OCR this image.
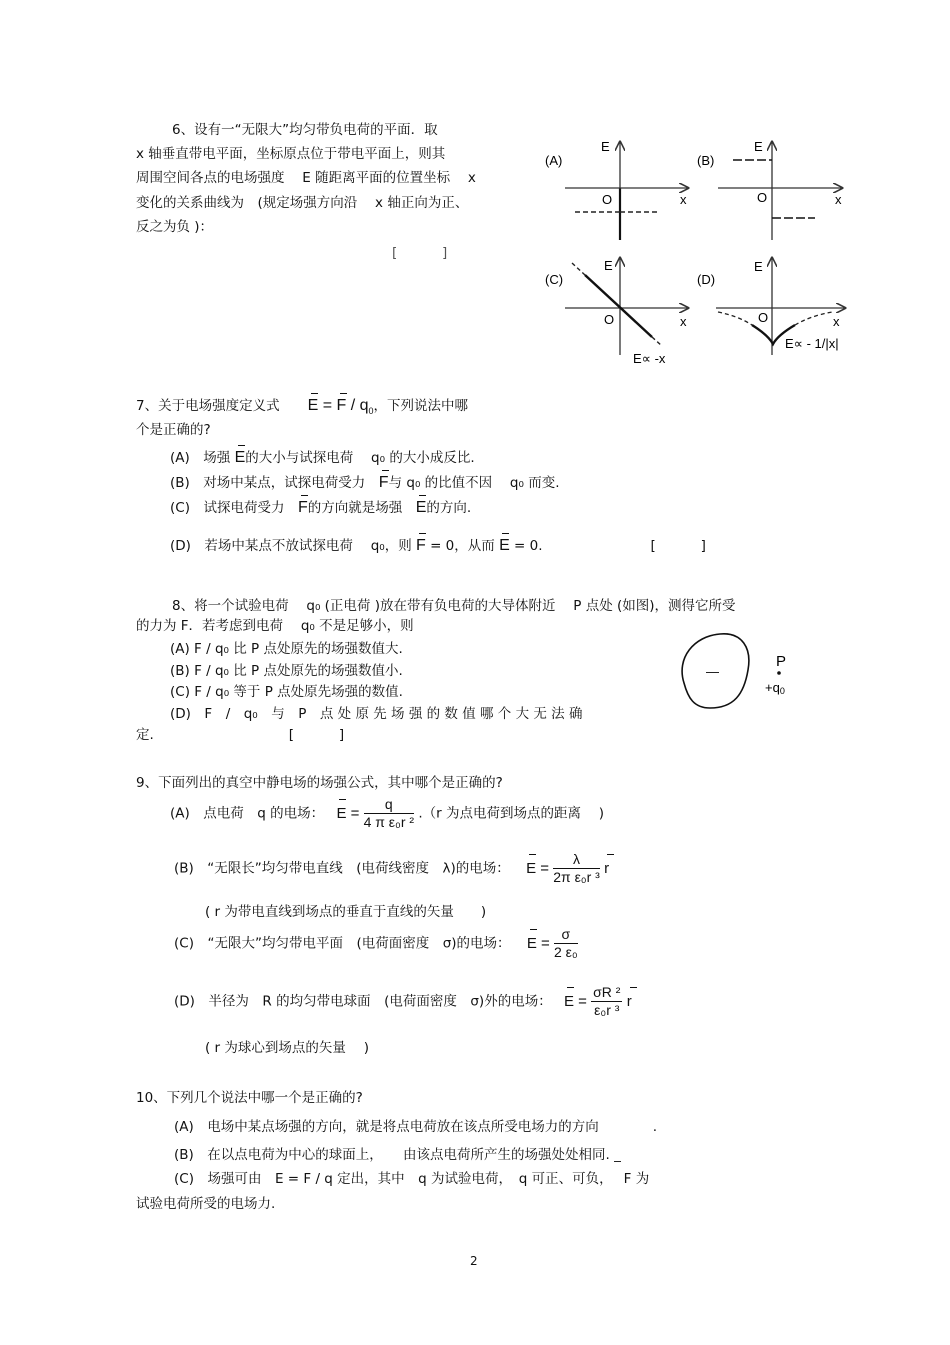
6、设有一“无限大”均匀带负电荷的平面．取
x 轴垂直带电平面，坐标原点位于带电平面上，则其
周围空间各点的电场强度　 E 随距离平面的位置坐标　 x
变化的关系曲线为　(规定场强方向沿　 x 轴正向为正、
反之为负 )：
[　　　 ]
(A)
E
O	x
(B)
E
O	x
(C)
E
O	x
E∝ -x
(D)
E
O	x
E∝ - 1/|x|
7、关于电场强度定义式 $E = F / q_0$，下列说法中哪
个是正确的?
(A)　场强 E的大小与试探电荷　 q₀ 的大小成反比.
(B)　对场中某点，试探电荷受力　 F与 q₀ 的比值不因　 q₀ 而变.
(C)　试探电荷受力　 F的方向就是场强　E的方向.
(D)　若场中某点不放试探电荷　 q₀，则 F = 0，从而 E = 0.　　　　　　　　[　　　 ]
8、将一个试验电荷　 q₀ (正电荷 )放在带有负电荷的大导体附近　 P 点处 (如图)，测得它所受
的力为 F．若考虑到电荷　 q₀ 不是足够小，则
(A) F / q₀ 比 P 点处原先的场强数值大.
(B) F / q₀ 比 P 点处原先的场强数值小.
(C) F / q₀ 等于 P 点处原先场强的数值.
(D)　F　/　q₀　与　P　点 处 原 先 场 强 的 数 值 哪 个 大 无 法 确
定.　　　　　　　　　　[　　　 ]
—
P
+q0
9、下面列出的真空中静电场的场强公式，其中哪个是正确的?
(A)　点电荷　q 的电场： $E = \frac{q}{\text{4 π ε₀r ²}} .(r$ 为点电荷到场点的距离　 )
(B)　“无限长”均匀带电直线　(电荷线密度　λ)的电场： $E = \frac{\lambda}{\text{2π ε₀r ³}}$ r
( r 为带电直线到场点的垂直于直线的矢量　　)
(C)　“无限大”均匀带电平面　(电荷面密度　σ)的电场： $E = \frac{\sigma}{\text{2 ε₀}}$
(D)　半径为　R 的均匀带电球面　(电荷面密度　σ)外的电场： $E = \frac{\text{σR ²}}{\text{ε₀r ³}}$ r
( r 为球心到场点的矢量　 )
10、下列几个说法中哪一个是正确的?
(A)　电场中某点场强的方向，就是将点电荷放在该点所受电场力的方向　　　　.
(B)　在以点电荷为中心的球面上，　　由该点电荷所产生的场强处处相同. _
(C)　场强可由　E = F / q 定出，其中　q 为试验电荷，　q 可正、可负，　 F 为
试验电荷所受的电场力.
2
